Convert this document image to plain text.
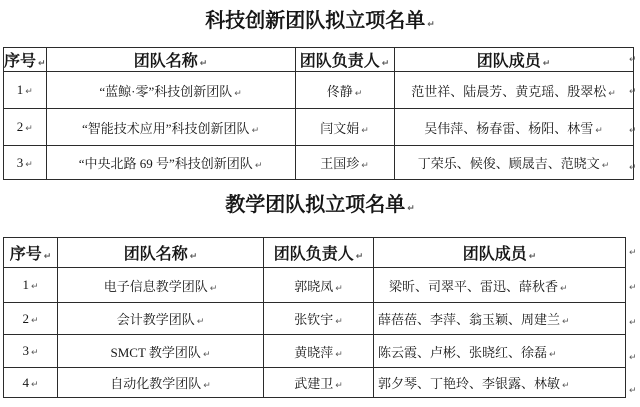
科技创新团队拟立项名单 ↵
序号 ↵	团队名称 ↵	团队负责人 ↵	团队成员 ↵
1 ↵	“蓝鲸·零”科技创新团队 ↵	佟静 ↵	范世祥、陆晨芳、黄克瑶、殷翠松 ↵
2 ↵	“智能技术应用”科技创新团队 ↵	闫文娟 ↵	吴伟萍、杨春雷、杨阳、林雪 ↵
3 ↵	“中央北路 69 号”科技创新团队 ↵	王国珍 ↵	丁荣乐、候俊、顾晟吉、范晓文 ↵
↵
↵
↵
↵
教学团队拟立项名单 ↵
序号 ↵	团队名称 ↵	团队负责人 ↵	团队成员 ↵
1 ↵	电子信息教学团队 ↵	郭晓凤 ↵	梁昕、司翠平、雷迅、薛秋香 ↵
2 ↵	会计教学团队 ↵	张钦宇 ↵	薛蓓蓓、李萍、翁玉颖、周建兰 ↵
3 ↵	SMCT 教学团队 ↵	黄晓萍 ↵	陈云霞、卢彬、张晓红、徐磊 ↵
4 ↵	自动化教学团队 ↵	武建卫 ↵	郭夕琴、丁艳玲、李银露、林敏 ↵
↵
↵
↵
↵
↵
